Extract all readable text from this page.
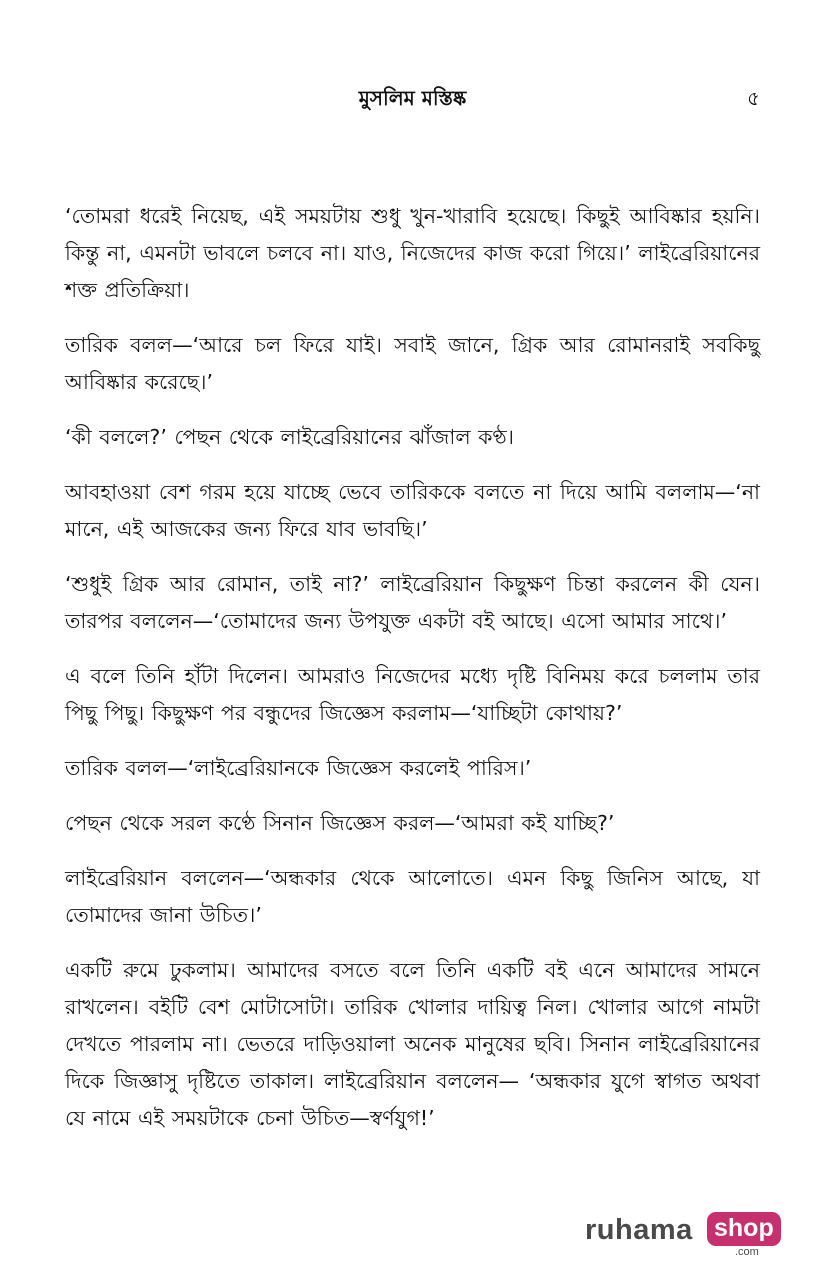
মুসলিম মস্তিষ্ক	৫

‘তোমরা ধরেই নিয়েছ, এই সময়টায় শুধু খুন-খারাবি হয়েছে। কিছুই আবিষ্কার হয়নি। কিন্তু না, এমনটা ভাবলে চলবে না। যাও, নিজেদের কাজ করো গিয়ে।’ লাইব্রেরিয়ানের শক্ত প্রতিক্রিয়া।

তারিক বলল—‘আরে চল ফিরে যাই। সবাই জানে, গ্রিক আর রোমানরাই সবকিছু আবিষ্কার করেছে।’

‘কী বললে?’ পেছন থেকে লাইব্রেরিয়ানের ঝাঁজাল কণ্ঠ।

আবহাওয়া বেশ গরম হয়ে যাচ্ছে ভেবে তারিককে বলতে না দিয়ে আমি বললাম—‘না মানে, এই আজকের জন্য ফিরে যাব ভাবছি।’

‘শুধুই গ্রিক আর রোমান, তাই না?’ লাইব্রেরিয়ান কিছুক্ষণ চিন্তা করলেন কী যেন। তারপর বললেন—‘তোমাদের জন্য উপযুক্ত একটা বই আছে। এসো আমার সাথে।’

এ বলে তিনি হাঁটা দিলেন। আমরাও নিজেদের মধ্যে দৃষ্টি বিনিময় করে চললাম তার পিছু পিছু। কিছুক্ষণ পর বন্ধুদের জিজ্ঞেস করলাম—‘যাচ্ছিটা কোথায়?’

তারিক বলল—‘লাইব্রেরিয়ানকে জিজ্ঞেস করলেই পারিস।’

পেছন থেকে সরল কণ্ঠে সিনান জিজ্ঞেস করল—‘আমরা কই যাচ্ছি?’

লাইব্রেরিয়ান বললেন—‘অন্ধকার থেকে আলোতে। এমন কিছু জিনিস আছে, যা তোমাদের জানা উচিত।’

একটি রুমে ঢুকলাম। আমাদের বসতে বলে তিনি একটি বই এনে আমাদের সামনে রাখলেন। বইটি বেশ মোটাসোটা। তারিক খোলার দায়িত্ব নিল। খোলার আগে নামটা দেখতে পারলাম না। ভেতরে দাড়িওয়ালা অনেক মানুষের ছবি। সিনান লাইব্রেরিয়ানের দিকে জিজ্ঞাসু দৃষ্টিতে তাকাল। লাইব্রেরিয়ান বললেন— ‘অন্ধকার যুগে স্বাগত অথবা যে নামে এই সময়টাকে চেনা উচিত—স্বর্ণযুগ!’

ruhama shop
.com
